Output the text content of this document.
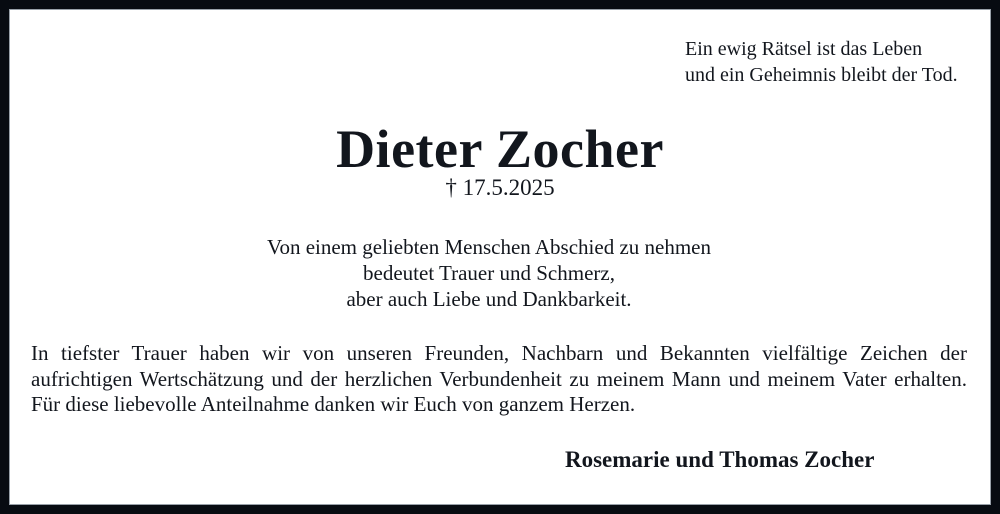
Ein ewig Rätsel ist das Leben
und ein Geheimnis bleibt der Tod.
Dieter Zocher
† 17.5.2025
Von einem geliebten Menschen Abschied zu nehmen
bedeutet Trauer und Schmerz,
aber auch Liebe und Dankbarkeit.

In tiefster Trauer haben wir von unseren Freunden, Nachbarn und Bekannten vielfältige Zeichen der aufrichtigen Wertschätzung und der herzlichen Verbundenheit zu meinem Mann und meinem Vater erhalten. Für diese liebevolle Anteilnahme danken wir Euch von ganzem Herzen.

Rosemarie und Thomas Zocher
